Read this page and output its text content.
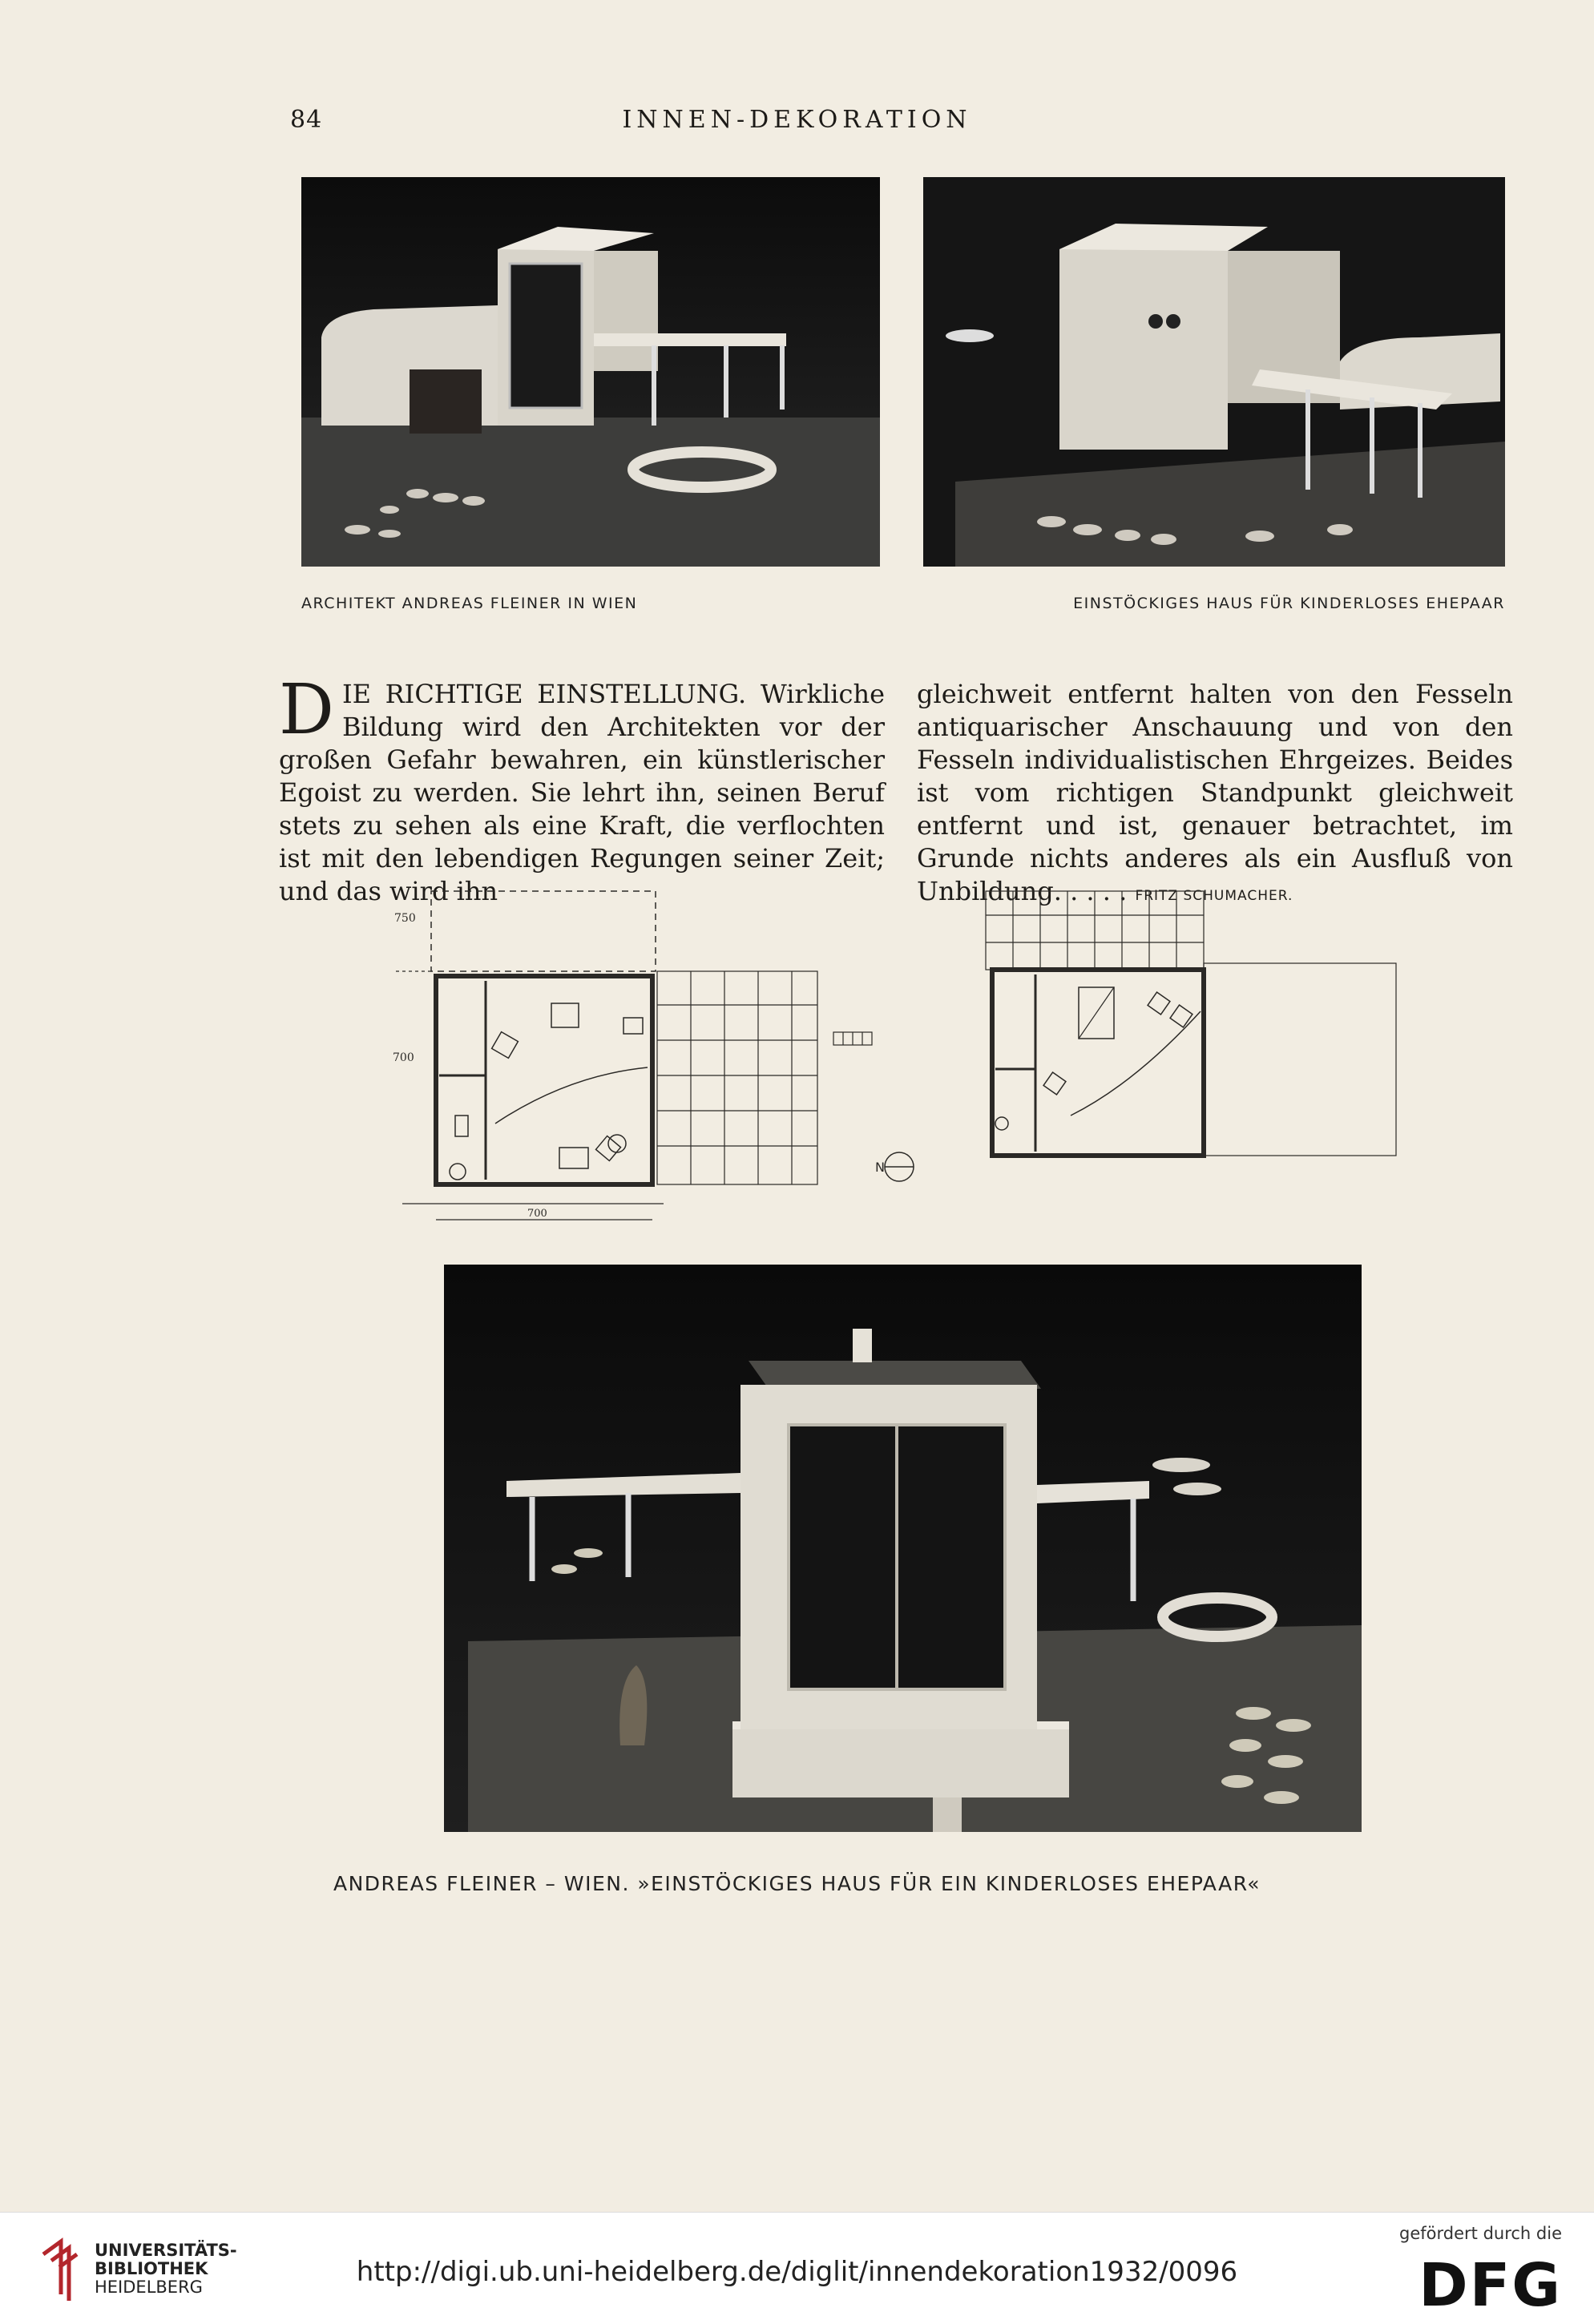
84	INNEN-DEKORATION
ARCHITEKT ANDREAS FLEINER IN WIEN	EINSTÖCKIGES HAUS FÜR KINDERLOSES EHEPAAR

DIE RICHTIGE EINSTELLUNG. Wirkliche Bildung wird den Architekten vor der großen Gefahr bewahren, ein künstlerischer Egoist zu werden. Sie lehrt ihn, seinen Beruf stets zu sehen als eine Kraft, die verflochten ist mit den lebendigen Regungen seiner Zeit; und das wird ihn

gleichweit entfernt halten von den Fesseln antiquarischer Anschauung und von den Fesseln individualistischen Ehrgeizes. Beides ist vom richtigen Standpunkt gleichweit entfernt und ist, genauer betrachtet, im Grunde nichts anderes als ein Ausfluß von Unbildung. . . . . FRITZ SCHUMACHER.

N
750
700
700
ANDREAS FLEINER – WIEN. »EINSTÖCKIGES HAUS FÜR EIN KINDERLOSES EHEPAAR«
UNIVERSITÄTS-
BIBLIOTHEK
HEIDELBERG	http://digi.ub.uni-heidelberg.de/diglit/innendekoration1932/0096
gefördert durch die
DFG
